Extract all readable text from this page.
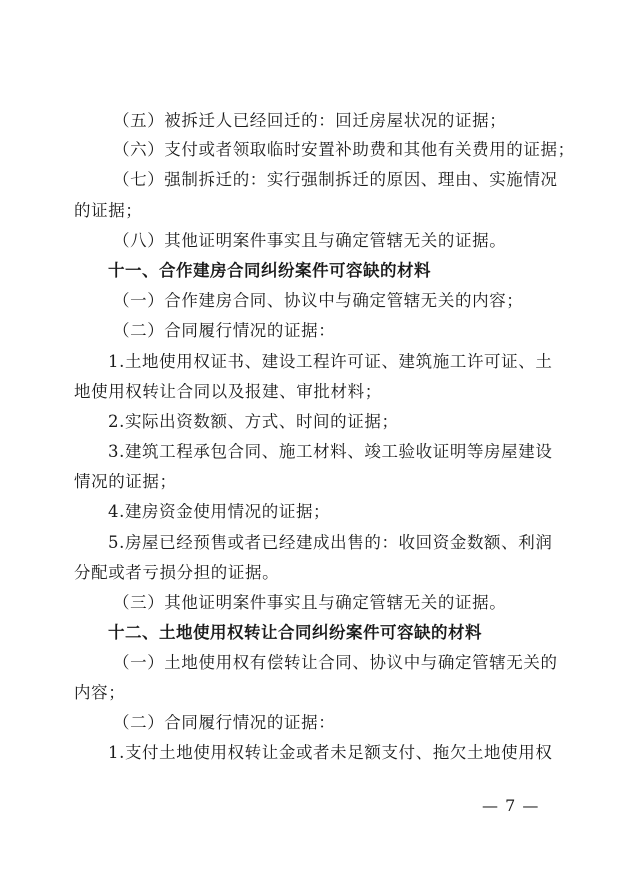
（五）被拆迁人已经回迁的：回迁房屋状况的证据；
（六）支付或者领取临时安置补助费和其他有关费用的证据；
（七）强制拆迁的：实行强制拆迁的原因、理由、实施情况
的证据；
（八）其他证明案件事实且与确定管辖无关的证据。
十一、合作建房合同纠纷案件可容缺的材料
（一）合作建房合同、协议中与确定管辖无关的内容；
（二）合同履行情况的证据：
1.土地使用权证书、建设工程许可证、建筑施工许可证、土
地使用权转让合同以及报建、审批材料；
2.实际出资数额、方式、时间的证据；
3.建筑工程承包合同、施工材料、竣工验收证明等房屋建设
情况的证据；
4.建房资金使用情况的证据；
5.房屋已经预售或者已经建成出售的：收回资金数额、利润
分配或者亏损分担的证据。
（三）其他证明案件事实且与确定管辖无关的证据。
十二、土地使用权转让合同纠纷案件可容缺的材料
（一）土地使用权有偿转让合同、协议中与确定管辖无关的
内容；
（二）合同履行情况的证据：
1.支付土地使用权转让金或者未足额支付、拖欠土地使用权
— 7 —
